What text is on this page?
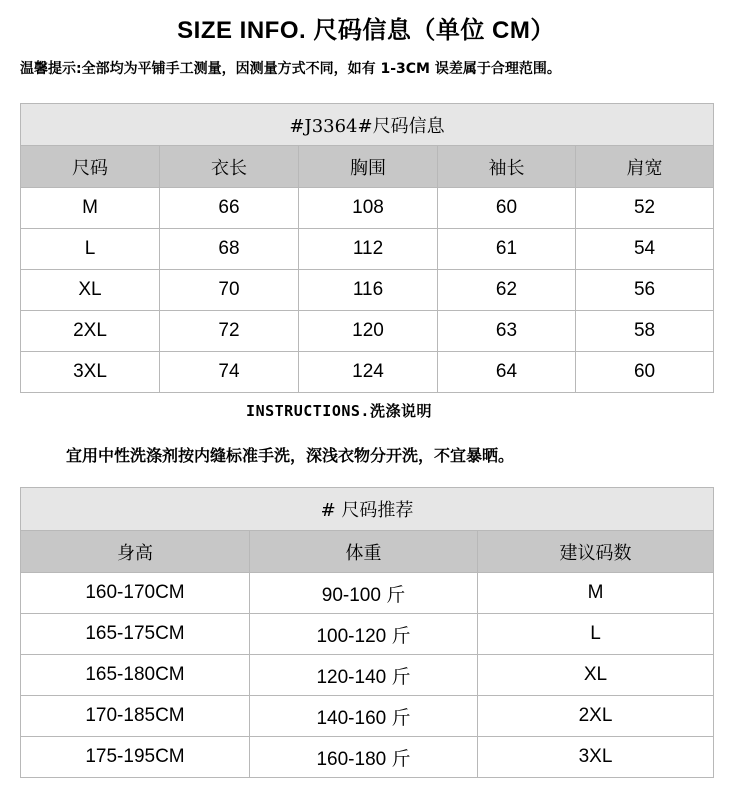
SIZE INFO. 尺码信息（单位 CM）
温馨提示:全部均为平铺手工测量，因测量方式不同，如有 1-3CM 误差属于合理范围。
#J3364#尺码信息				
尺码	衣长	胸围	袖长	肩宽
M	66	108	60	52
L	68	112	61	54
XL	70	116	62	56
2XL	72	120	63	58
3XL	74	124	64	60
INSTRUCTIONS.洗涤说明
宜用中性洗涤剂按内缝标准手洗，深浅衣物分开洗，不宜暴晒。
# 尺码推荐		
身高	体重	建议码数
160-170CM	90-100 斤	M
165-175CM	100-120 斤	L
165-180CM	120-140 斤	XL
170-185CM	140-160 斤	2XL
175-195CM	160-180 斤	3XL
